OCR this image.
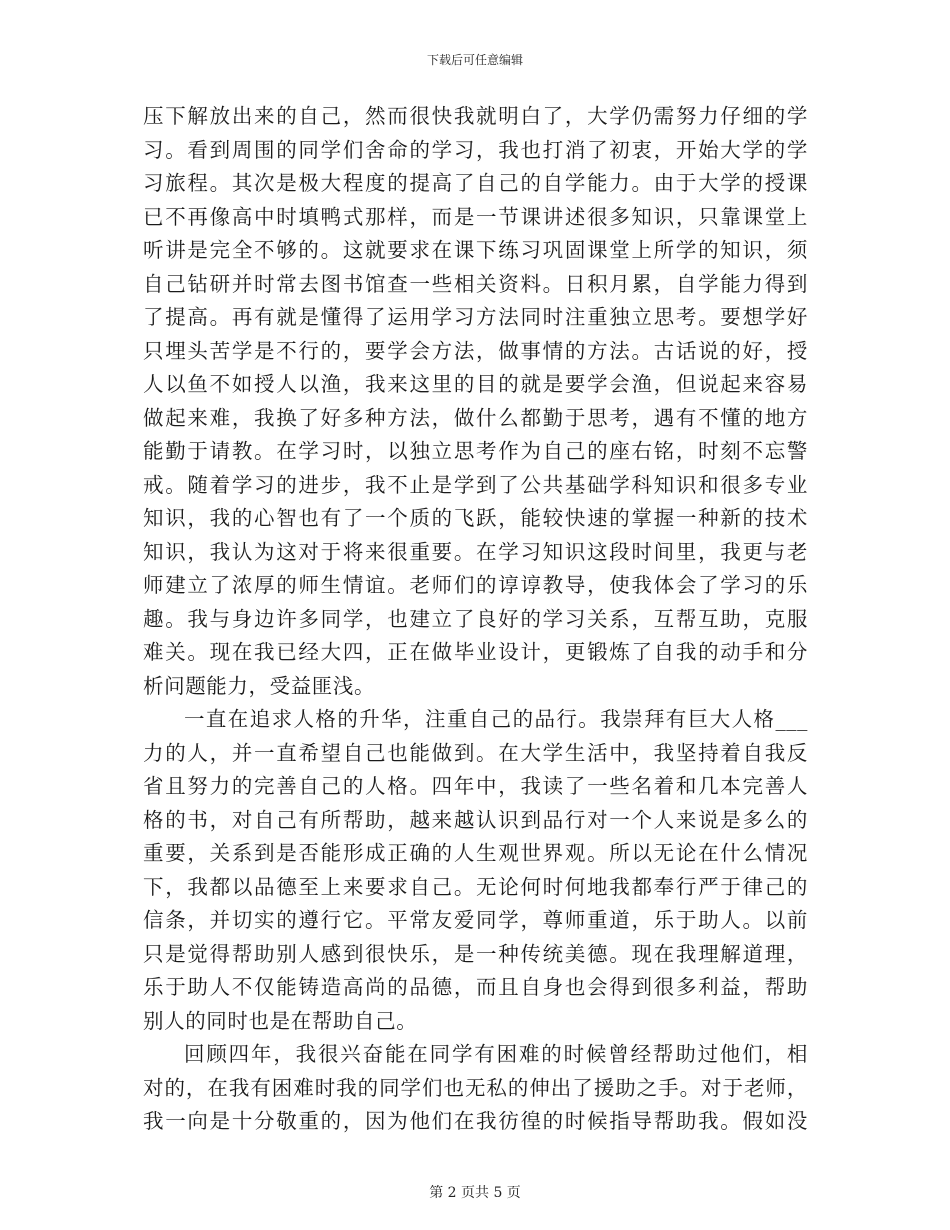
下载后可任意编辑
压下解放出来的自己，然而很快我就明白了，大学仍需努力仔细的学
习。看到周围的同学们舍命的学习，我也打消了初衷，开始大学的学
习旅程。其次是极大程度的提高了自己的自学能力。由于大学的授课
已不再像高中时填鸭式那样，而是一节课讲述很多知识，只靠课堂上
听讲是完全不够的。这就要求在课下练习巩固课堂上所学的知识，须
自己钻研并时常去图书馆查一些相关资料。日积月累，自学能力得到
了提高。再有就是懂得了运用学习方法同时注重独立思考。要想学好
只埋头苦学是不行的，要学会方法，做事情的方法。古话说的好，授
人以鱼不如授人以渔，我来这里的目的就是要学会渔，但说起来容易
做起来难，我换了好多种方法，做什么都勤于思考，遇有不懂的地方
能勤于请教。在学习时，以独立思考作为自己的座右铭，时刻不忘警
戒。随着学习的进步，我不止是学到了公共基础学科知识和很多专业
知识，我的心智也有了一个质的飞跃，能较快速的掌握一种新的技术
知识，我认为这对于将来很重要。在学习知识这段时间里，我更与老
师建立了浓厚的师生情谊。老师们的谆谆教导，使我体会了学习的乐
趣。我与身边许多同学，也建立了良好的学习关系，互帮互助，克服
难关。现在我已经大四，正在做毕业设计，更锻炼了自我的动手和分
析问题能力，受益匪浅。
一直在追求人格的升华，注重自己的品行。我崇拜有巨大人格___
力的人，并一直希望自己也能做到。在大学生活中，我坚持着自我反
省且努力的完善自己的人格。四年中，我读了一些名着和几本完善人
格的书，对自己有所帮助，越来越认识到品行对一个人来说是多么的
重要，关系到是否能形成正确的人生观世界观。所以无论在什么情况
下，我都以品德至上来要求自己。无论何时何地我都奉行严于律己的
信条，并切实的遵行它。平常友爱同学，尊师重道，乐于助人。以前
只是觉得帮助别人感到很快乐，是一种传统美德。现在我理解道理，
乐于助人不仅能铸造高尚的品德，而且自身也会得到很多利益，帮助
别人的同时也是在帮助自己。
回顾四年，我很兴奋能在同学有困难的时候曾经帮助过他们，相
对的，在我有困难时我的同学们也无私的伸出了援助之手。对于老师，
我一向是十分敬重的，因为他们在我彷徨的时候指导帮助我。假如没
第 2 页共 5 页
